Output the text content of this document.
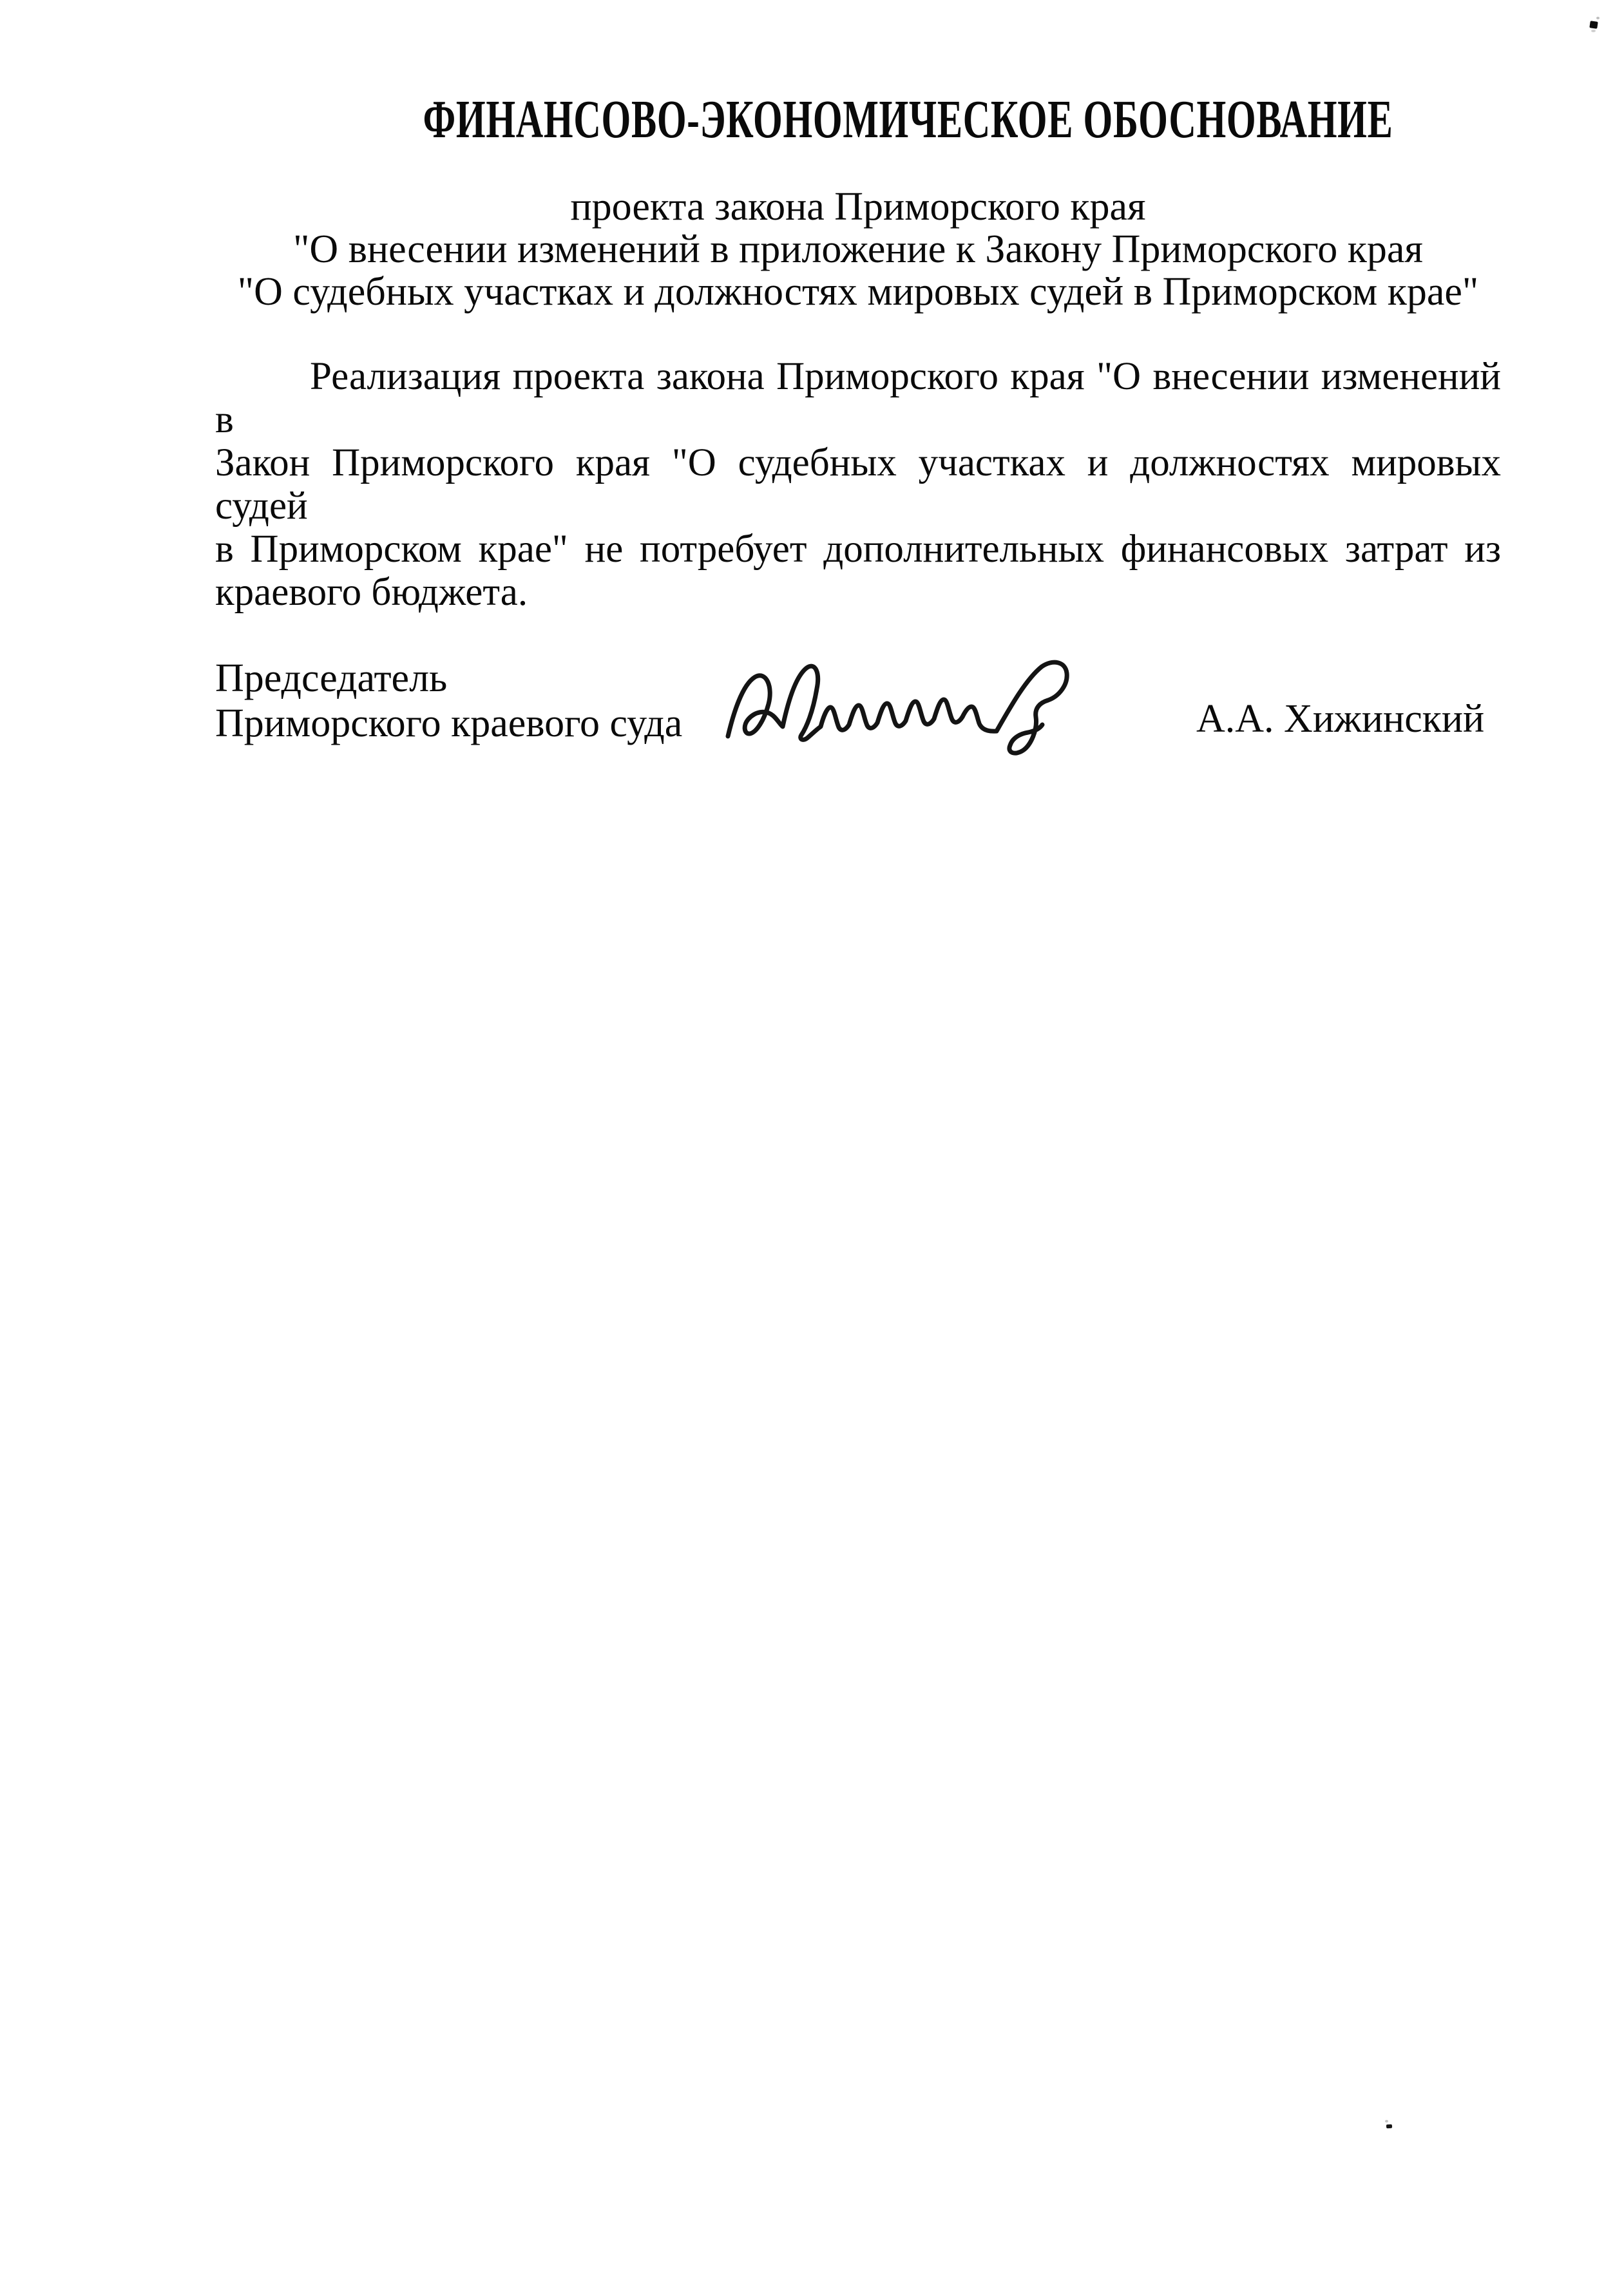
ФИНАНСОВО-ЭКОНОМИЧЕСКОЕ ОБОСНОВАНИЕ
проекта закона Приморского края
"О внесении изменений в приложение к Закону Приморского края
"О судебных участках и должностях мировых судей в Приморском крае"
Реализация проекта закона Приморского края "О внесении изменений в
Закон Приморского края "О судебных участках и должностях мировых судей
в Приморском крае" не потребует дополнительных финансовых затрат из
краевого бюджета.
Председатель
Приморского краевого суда	А.А. Хижинский
